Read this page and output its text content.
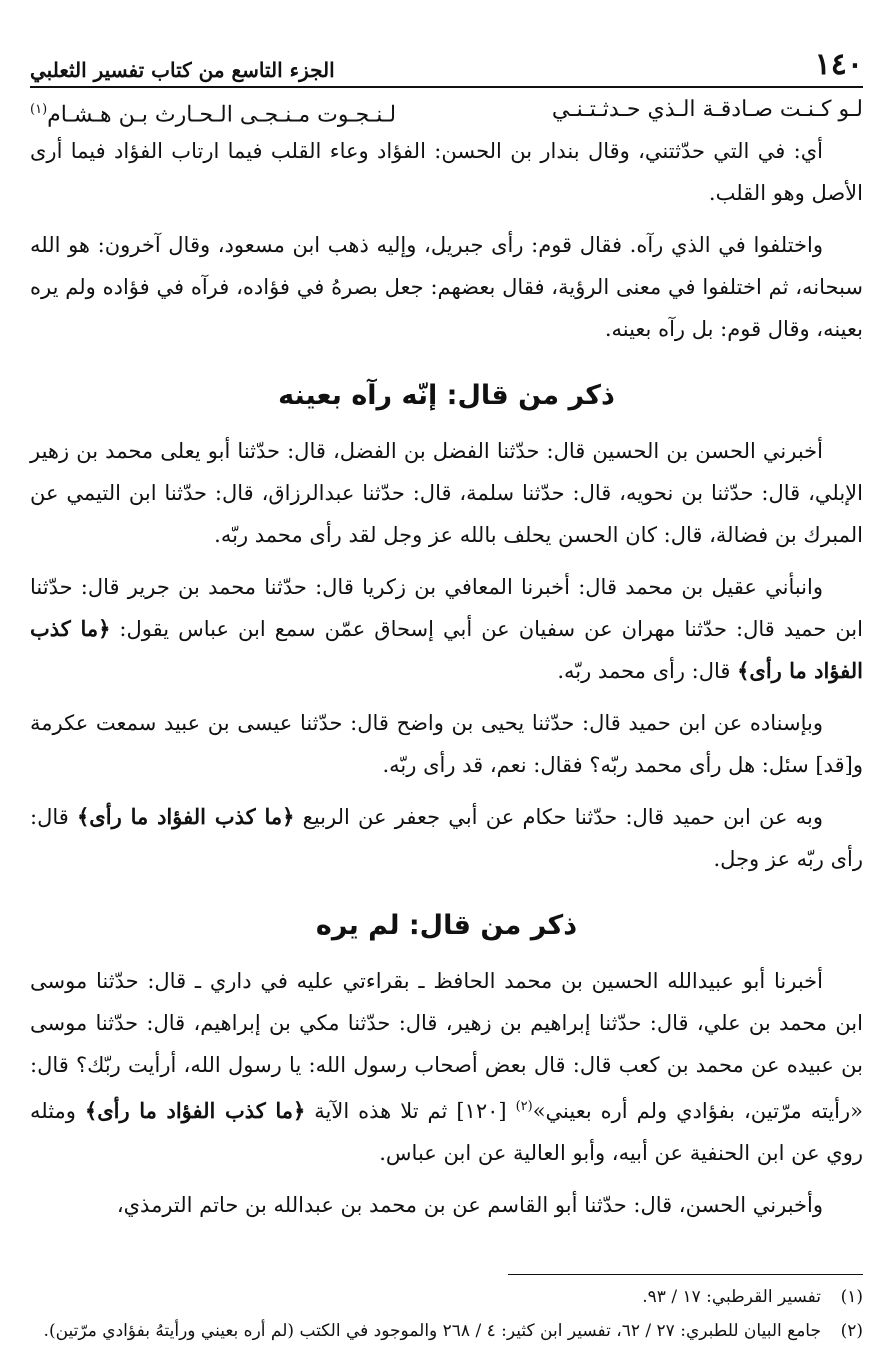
١٤٠
الجزء التاسع من كتاب تفسير الثعلبي
لـو كـنـت صـادقـة الـذي حـدثـتـنـي
لـنـجـوت مـنـجـى الـحـارث بـن هـشـام$^{(١)}$

أي: في التي حدّثتني، وقال بندار بن الحسن: الفؤاد وعاء القلب فيما ارتاب الفؤاد فيما أرى الأصل وهو القلب.

واختلفوا في الذي رآه. فقال قوم: رأى جبريل، وإليه ذهب ابن مسعود، وقال آخرون: هو الله سبحانه، ثم اختلفوا في معنى الرؤية، فقال بعضهم: جعل بصرهُ في فؤاده، فرآه في فؤاده ولم يره بعينه، وقال قوم: بل رآه بعينه.

ذكر من قال: إنّه رآه بعينه

أخبرني الحسن بن الحسين قال: حدّثنا الفضل بن الفضل، قال: حدّثنا أبو يعلى محمد بن زهير الإبلي، قال: حدّثنا بن نحويه، قال: حدّثنا سلمة، قال: حدّثنا عبدالرزاق، قال: حدّثنا ابن التيمي عن المبرك بن فضالة، قال: كان الحسن يحلف بالله عز وجل لقد رأى محمد ربّه.

وانبأني عقيل بن محمد قال: أخبرنا المعافي بن زكريا قال: حدّثنا محمد بن جرير قال: حدّثنا ابن حميد قال: حدّثنا مهران عن سفيان عن أبي إسحاق عمّن سمع ابن عباس يقول: ﴿ما كذب الفؤاد ما رأى﴾ قال: رأى محمد ربّه.

وبإسناده عن ابن حميد قال: حدّثنا يحيى بن واضح قال: حدّثنا عيسى بن عبيد سمعت عكرمة و[قد] سئل: هل رأى محمد ربّه؟ فقال: نعم، قد رأى ربّه.

وبه عن ابن حميد قال: حدّثنا حكام عن أبي جعفر عن الربيع ﴿ما كذب الفؤاد ما رأى﴾ قال: رأى ربّه عز وجل.

ذكر من قال: لم يره

أخبرنا أبو عبيدالله الحسين بن محمد الحافظ ـ بقراءتي عليه في داري ـ قال: حدّثنا موسى ابن محمد بن علي، قال: حدّثنا إبراهيم بن زهير، قال: حدّثنا مكي بن إبراهيم، قال: حدّثنا موسى بن عبيده عن محمد بن كعب قال: قال بعض أصحاب رسول الله: يا رسول الله، أرأيت ربّك؟ قال: «رأيته مرّتين، بفؤادي ولم أره بعيني»$^{(٢)}$ [١٢٠] ثم تلا هذه الآية ﴿ما كذب الفؤاد ما رأى﴾ ومثله روي عن ابن الحنفية عن أبيه، وأبو العالية عن ابن عباس.

وأخبرني الحسن، قال: حدّثنا أبو القاسم عن بن محمد بن عبدالله بن حاتم الترمذي،

(١)
تفسير القرطبي: ١٧ / ٩٣.
(٢)
جامع البيان للطبري: ٢٧ / ٦٢، تفسير ابن كثير: ٤ / ٢٦٨ والموجود في الكتب (لم أره بعيني ورأيتهُ بفؤادي مرّتين).
